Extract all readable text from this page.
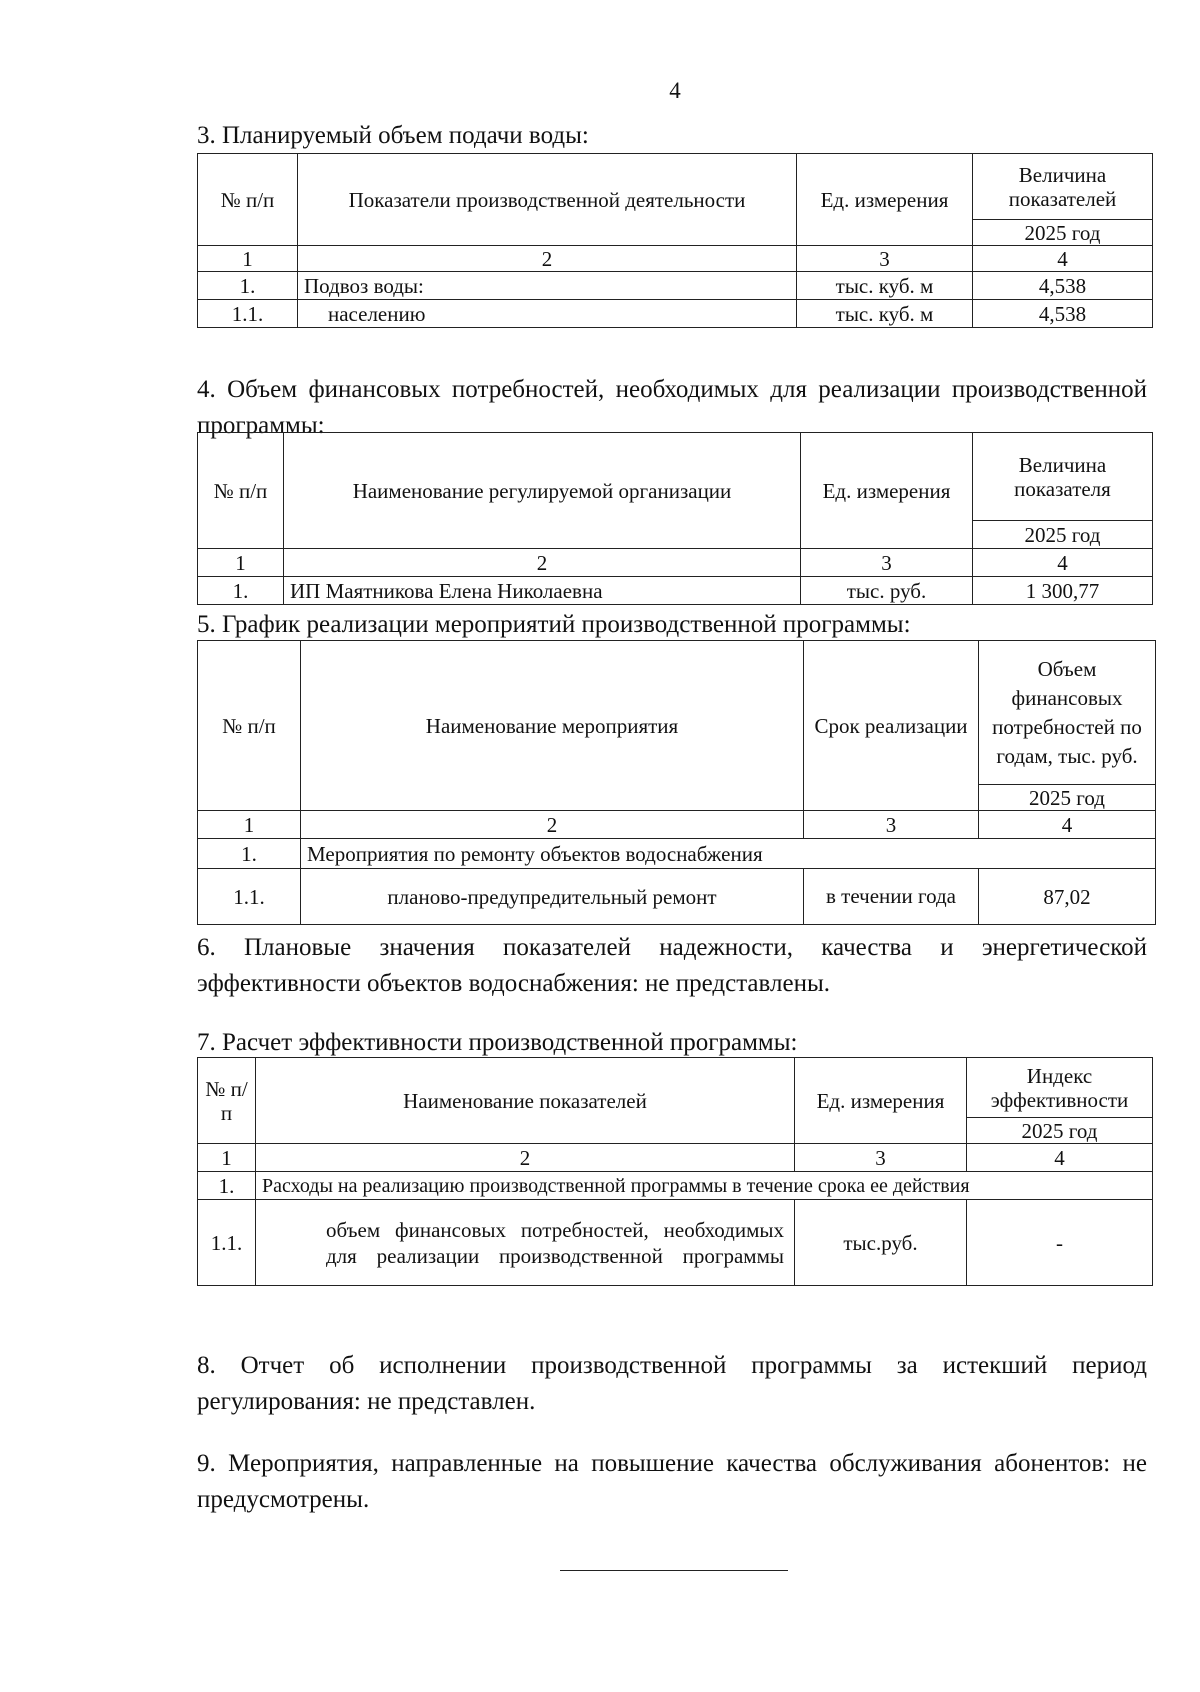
4
3. Планируемый объем подачи воды:
№ п/п	Показатели производственной деятельности	Ед. измерения	Величина показателей
			2025 год
1	2	3	4
1.	Подвоз воды:	тыс. куб. м	4,538
1.1.	населению	тыс. куб. м	4,538
4. Объем финансовых потребностей, необходимых для реализации производственной программы:
№ п/п	Наименование регулируемой организации	Ед. измерения	Величина показателя
			2025 год
1	2	3	4
1.	ИП Маятникова Елена Николаевна	тыс. руб.	1 300,77
5. График реализации мероприятий производственной программы:
№ п/п	Наименование мероприятия	Срок реализации	Объем финансовых потребностей по годам, тыс. руб.
			2025 год
1	2	3	4
1.	Мероприятия по ремонту объектов водоснабжения		
1.1.	планово-предупредительный ремонт	в течении года	87,02
6. Плановые значения показателей надежности, качества и энергетической эффективности объектов водоснабжения: не представлены.
7. Расчет эффективности производственной программы:
№ п/п	Наименование показателей	Ед. измерения	Индекс эффективности
			2025 год
1	2	3	4
1.	Расходы на реализацию производственной программы в течение срока ее действия		
1.1.	объем финансовых потребностей, необходимых для реализации производственной программы	тыс.руб.	-
8. Отчет об исполнении производственной программы за истекший период регулирования: не представлен.
9. Мероприятия, направленные на повышение качества обслуживания абонентов: не предусмотрены.
